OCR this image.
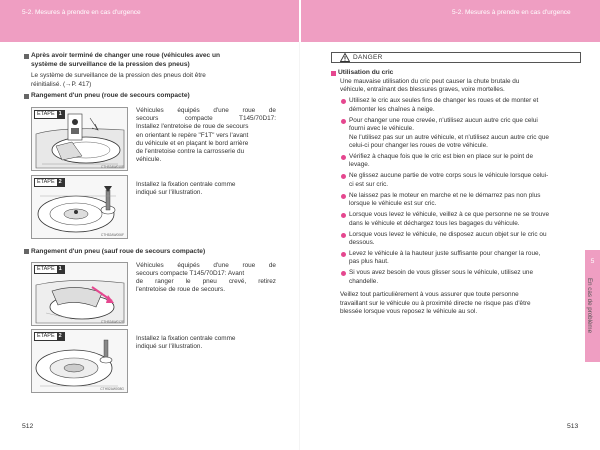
5-2. Mesures à prendre en cas d'urgence	5-2. Mesures à prendre en cas d'urgence
Après avoir terminé de changer une roue (véhicules avec un
système de surveillance de la pression des pneus)
Le système de surveillance de la pression des pneus doit être
réinitialisé. (→P. 417)
Rangement d'un pneu (roue de secours compacte)
ÉTAPE 1
CTH52AW010F
Véhicules équipés d'une roue de
secours compacte T145/70D17:
Installez l'entretoise de roue de secours
en orientant le repère "F1T" vers l'avant
du véhicule et en plaçant le bord arrière
de l'entretoise contre la carrosserie du
véhicule.
ÉTAPE 2
CTH52AW006F
Installez la fixation centrale comme
indiqué sur l'illustration.
Rangement d'un pneu (sauf roue de secours compacte)
ÉTAPE 1
CTH52AW012F
Véhicules équipés d'une roue de
secours compacte T145/70D17: Avant
de ranger le pneu crevé, retirez
l'entretoise de roue de secours.
ÉTAPE 2
CTH52AW008G
Installez la fixation centrale comme
indiqué sur l'illustration.
DANGER
Utilisation du cric
Une mauvaise utilisation du cric peut causer la chute brutale du
véhicule, entraînant des blessures graves, voire mortelles.
Utilisez le cric aux seules fins de changer les roues et de monter et
démonter les chaînes à neige.
Pour changer une roue crevée, n'utilisez aucun autre cric que celui
fourni avec le véhicule.
Ne l'utilisez pas sur un autre véhicule, et n'utilisez aucun autre cric que
celui-ci pour changer les roues de votre véhicule.
Vérifiez à chaque fois que le cric est bien en place sur le point de
levage.
Ne glissez aucune partie de votre corps sous le véhicule lorsque celui-
ci est sur cric.
Ne laissez pas le moteur en marche et ne le démarrez pas non plus
lorsque le véhicule est sur cric.
Lorsque vous levez le véhicule, veillez à ce que personne ne se trouve
dans le véhicule et déchargez tous les bagages du véhicule.
Lorsque vous levez le véhicule, ne disposez aucun objet sur le cric ou
dessous.
Levez le véhicule à la hauteur juste suffisante pour changer la roue,
pas plus haut.
Si vous avez besoin de vous glisser sous le véhicule, utilisez une
chandelle.
Veillez tout particulièrement à vous assurer que toute personne
travaillant sur le véhicule ou à proximité directe ne risque pas d'être
blessée lorsque vous reposez le véhicule au sol.
5
En cas de problème
512	513
